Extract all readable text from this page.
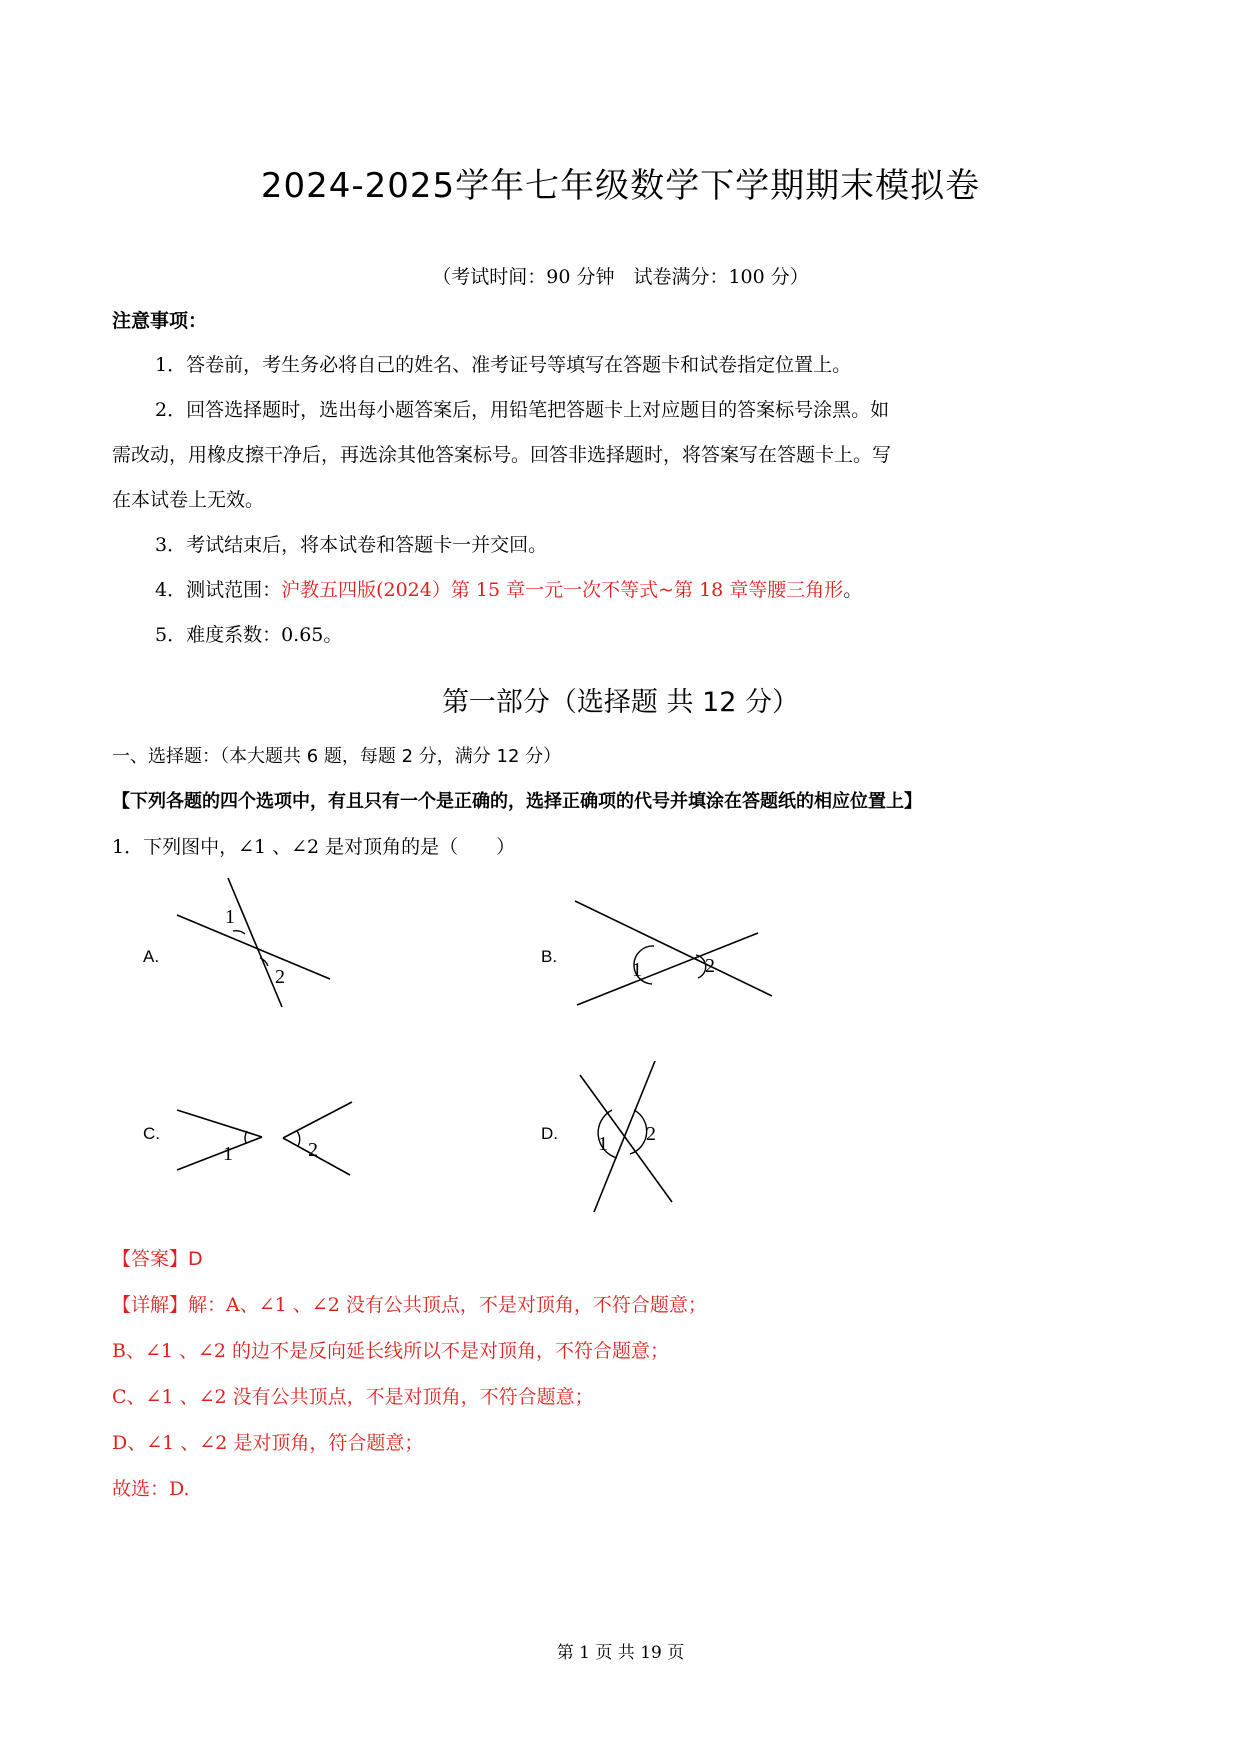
2024-2025学年七年级数学下学期期末模拟卷
（考试时间：90 分钟　试卷满分：100 分）
注意事项：
1．答卷前，考生务必将自己的姓名、准考证号等填写在答题卡和试卷指定位置上。
2．回答选择题时，选出每小题答案后，用铅笔把答题卡上对应题目的答案标号涂黑。如
需改动，用橡皮擦干净后，再选涂其他答案标号。回答非选择题时，将答案写在答题卡上。写
在本试卷上无效。
3．考试结束后，将本试卷和答题卡一并交回。
4．测试范围：沪教五四版(2024）第 15 章一元一次不等式~第 18 章等腰三角形。
5．难度系数：0.65。
第一部分（选择题 共 12 分）
一、选择题：（本大题共 6 题，每题 2 分，满分 12 分）
【下列各题的四个选项中，有且只有一个是正确的，选择正确项的代号并填涂在答题纸的相应位置上】
1．下列图中，∠1 、∠2 是对顶角的是（　　）
A.	B.
C.	D.
1
2	1	2
1	2	1 2
【答案】D
【详解】解：A、∠1 、∠2 没有公共顶点，不是对顶角，不符合题意；
B、∠1 、∠2 的边不是反向延长线所以不是对顶角，不符合题意；
C、∠1 、∠2 没有公共顶点，不是对顶角，不符合题意；
D、∠1 、∠2 是对顶角，符合题意；
故选：D.
第 1 页 共 19 页
